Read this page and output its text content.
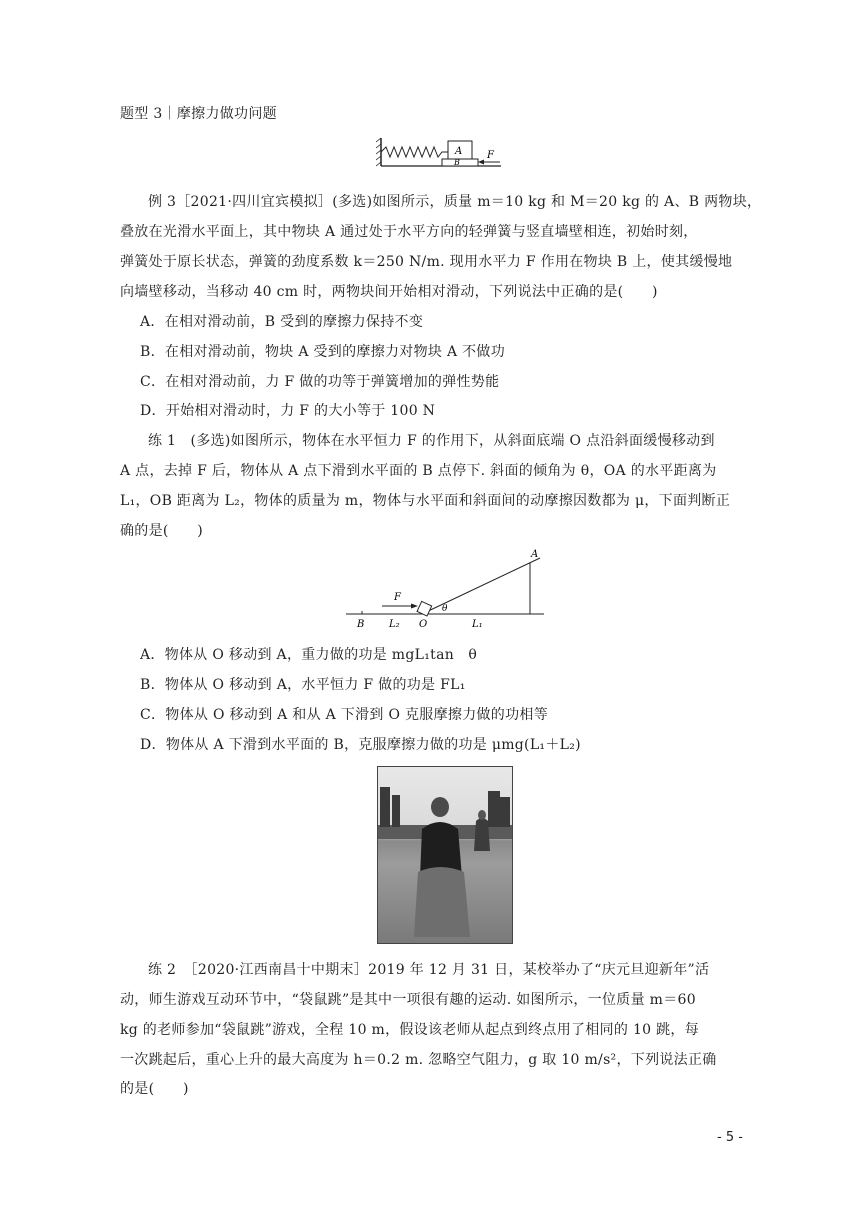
题型 3｜摩擦力做功问题
A
B
F
例 3［2021·四川宜宾模拟］(多选)如图所示，质量 m＝10 kg 和 M＝20 kg 的 A、B 两物块，
叠放在光滑水平面上，其中物块 A 通过处于水平方向的轻弹簧与竖直墙壁相连，初始时刻，
弹簧处于原长状态，弹簧的劲度系数 k＝250 N/m. 现用水平力 F 作用在物块 B 上，使其缓慢地
向墙壁移动，当移动 40 cm 时，两物块间开始相对滑动，下列说法中正确的是(　　)
A．在相对滑动前，B 受到的摩擦力保持不变
B．在相对滑动前，物块 A 受到的摩擦力对物块 A 不做功
C．在相对滑动前，力 F 做的功等于弹簧增加的弹性势能
D．开始相对滑动时，力 F 的大小等于 100 N
练 1　(多选)如图所示，物体在水平恒力 F 的作用下，从斜面底端 O 点沿斜面缓慢移动到
A 点，去掉 F 后，物体从 A 点下滑到水平面的 B 点停下. 斜面的倾角为 θ，OA 的水平距离为
L₁，OB 距离为 L₂，物体的质量为 m，物体与水平面和斜面间的动摩擦因数都为 μ，下面判断正
确的是(　　)
F
A
θ
B L₂ O	L₁
A．物体从 O 移动到 A，重力做的功是 mgL₁tan　θ
B．物体从 O 移动到 A，水平恒力 F 做的功是 FL₁
C．物体从 O 移动到 A 和从 A 下滑到 O 克服摩擦力做的功相等
D．物体从 A 下滑到水平面的 B，克服摩擦力做的功是 μmg(L₁＋L₂)
练 2　［2020·江西南昌十中期末］2019 年 12 月 31 日，某校举办了“庆元旦迎新年”活
动，师生游戏互动环节中，“袋鼠跳”是其中一项很有趣的运动. 如图所示，一位质量 m＝60
kg 的老师参加“袋鼠跳”游戏，全程 10 m，假设该老师从起点到终点用了相同的 10 跳，每
一次跳起后，重心上升的最大高度为 h＝0.2 m. 忽略空气阻力，g 取 10 m/s²，下列说法正确
的是(　　)
- 5 -
